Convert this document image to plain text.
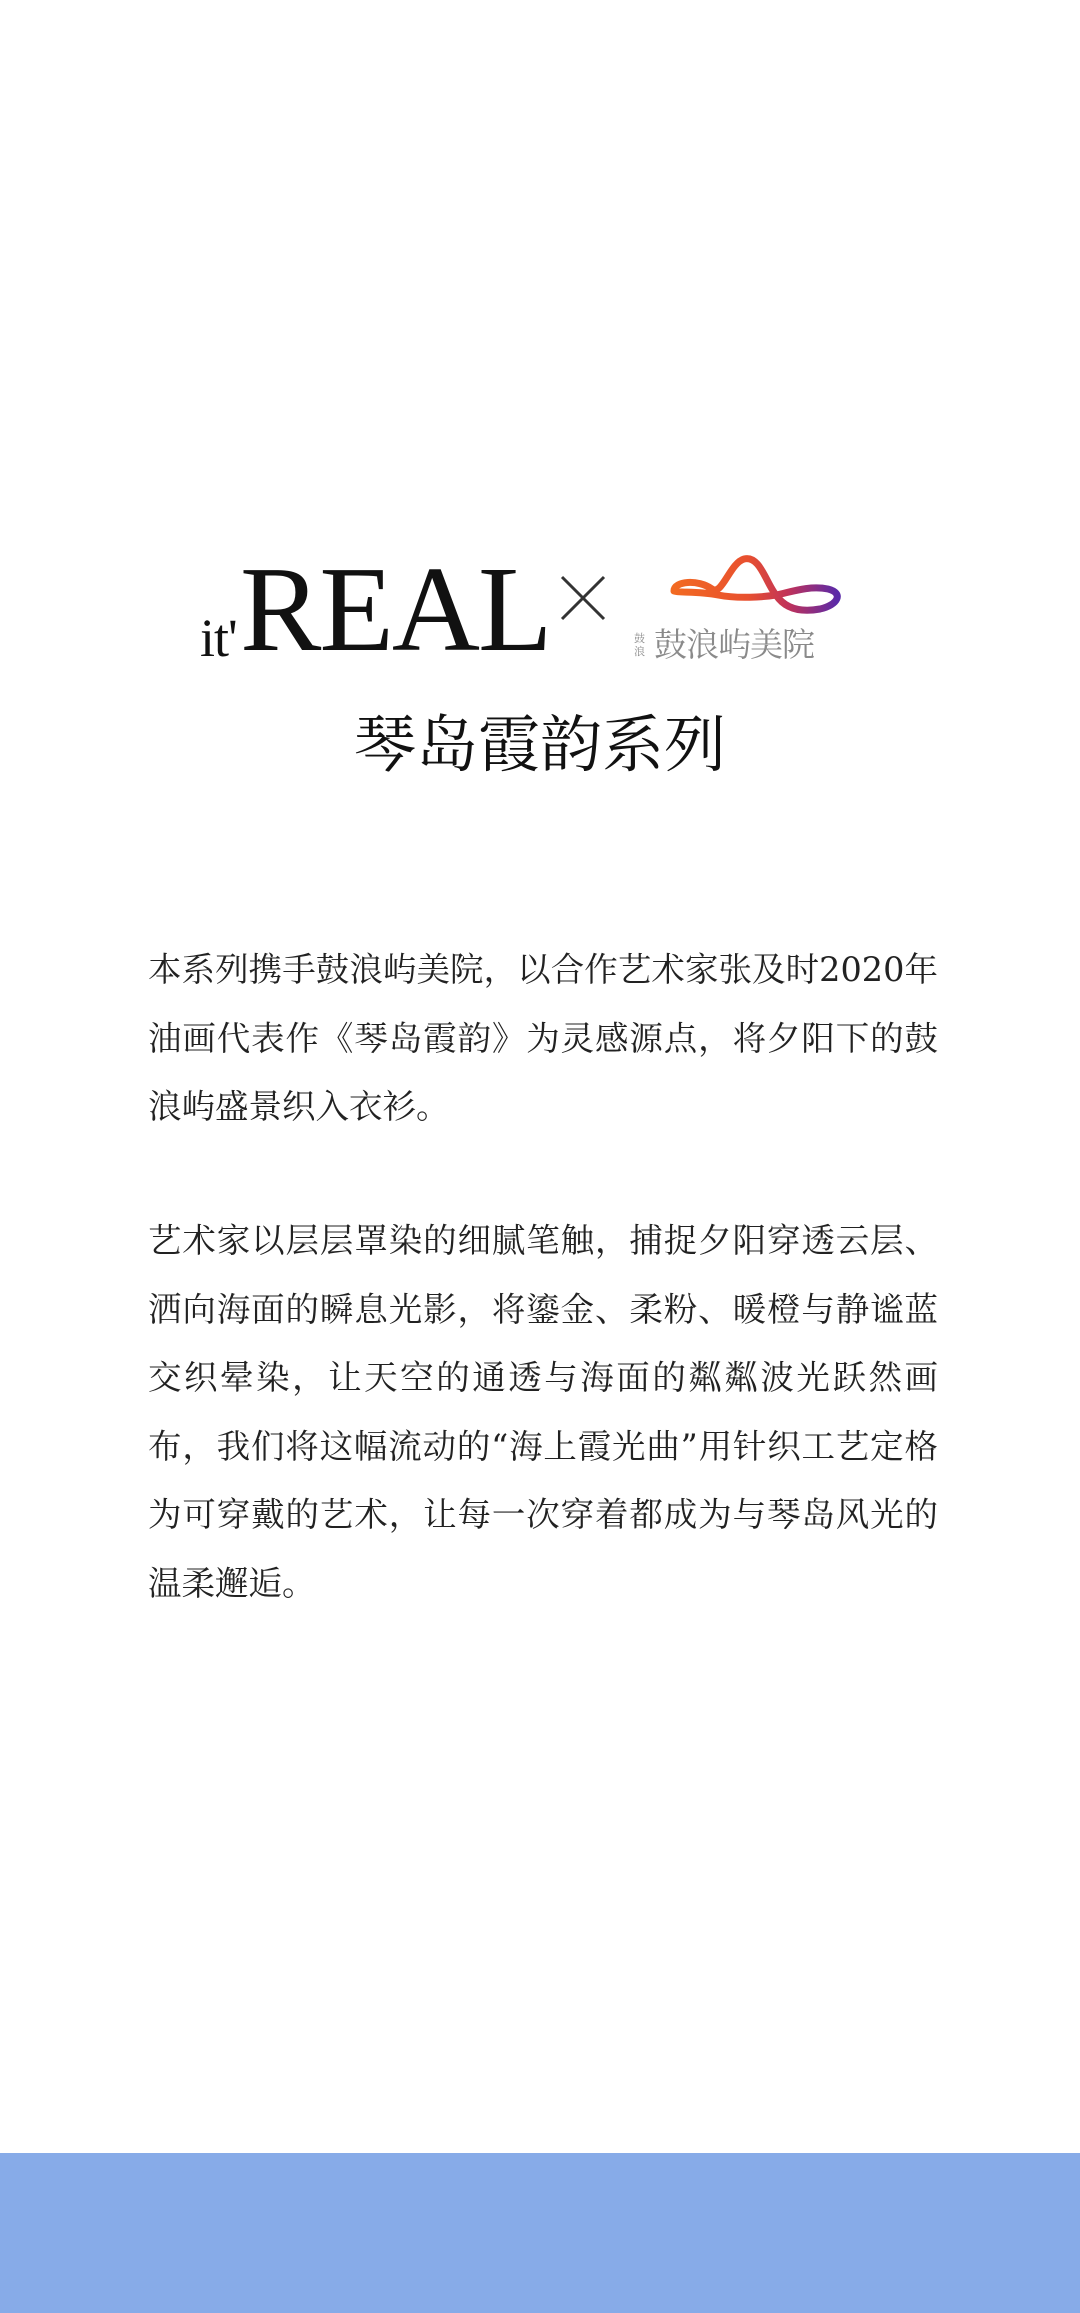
it' REAL	鼓浪 鼓浪屿美院
琴岛霞韵系列

本系列携手鼓浪屿美院，以合作艺术家张及时2020年油画代表作《琴岛霞韵》为灵感源点，将夕阳下的鼓浪屿盛景织入衣衫。

艺术家以层层罩染的细腻笔触，捕捉夕阳穿透云层、洒向海面的瞬息光影，将鎏金、柔粉、暖橙与静谧蓝交织晕染，让天空的通透与海面的粼粼波光跃然画布，我们将这幅流动的“海上霞光曲”用针织工艺定格为可穿戴的艺术，让每一次穿着都成为与琴岛风光的温柔邂逅。
